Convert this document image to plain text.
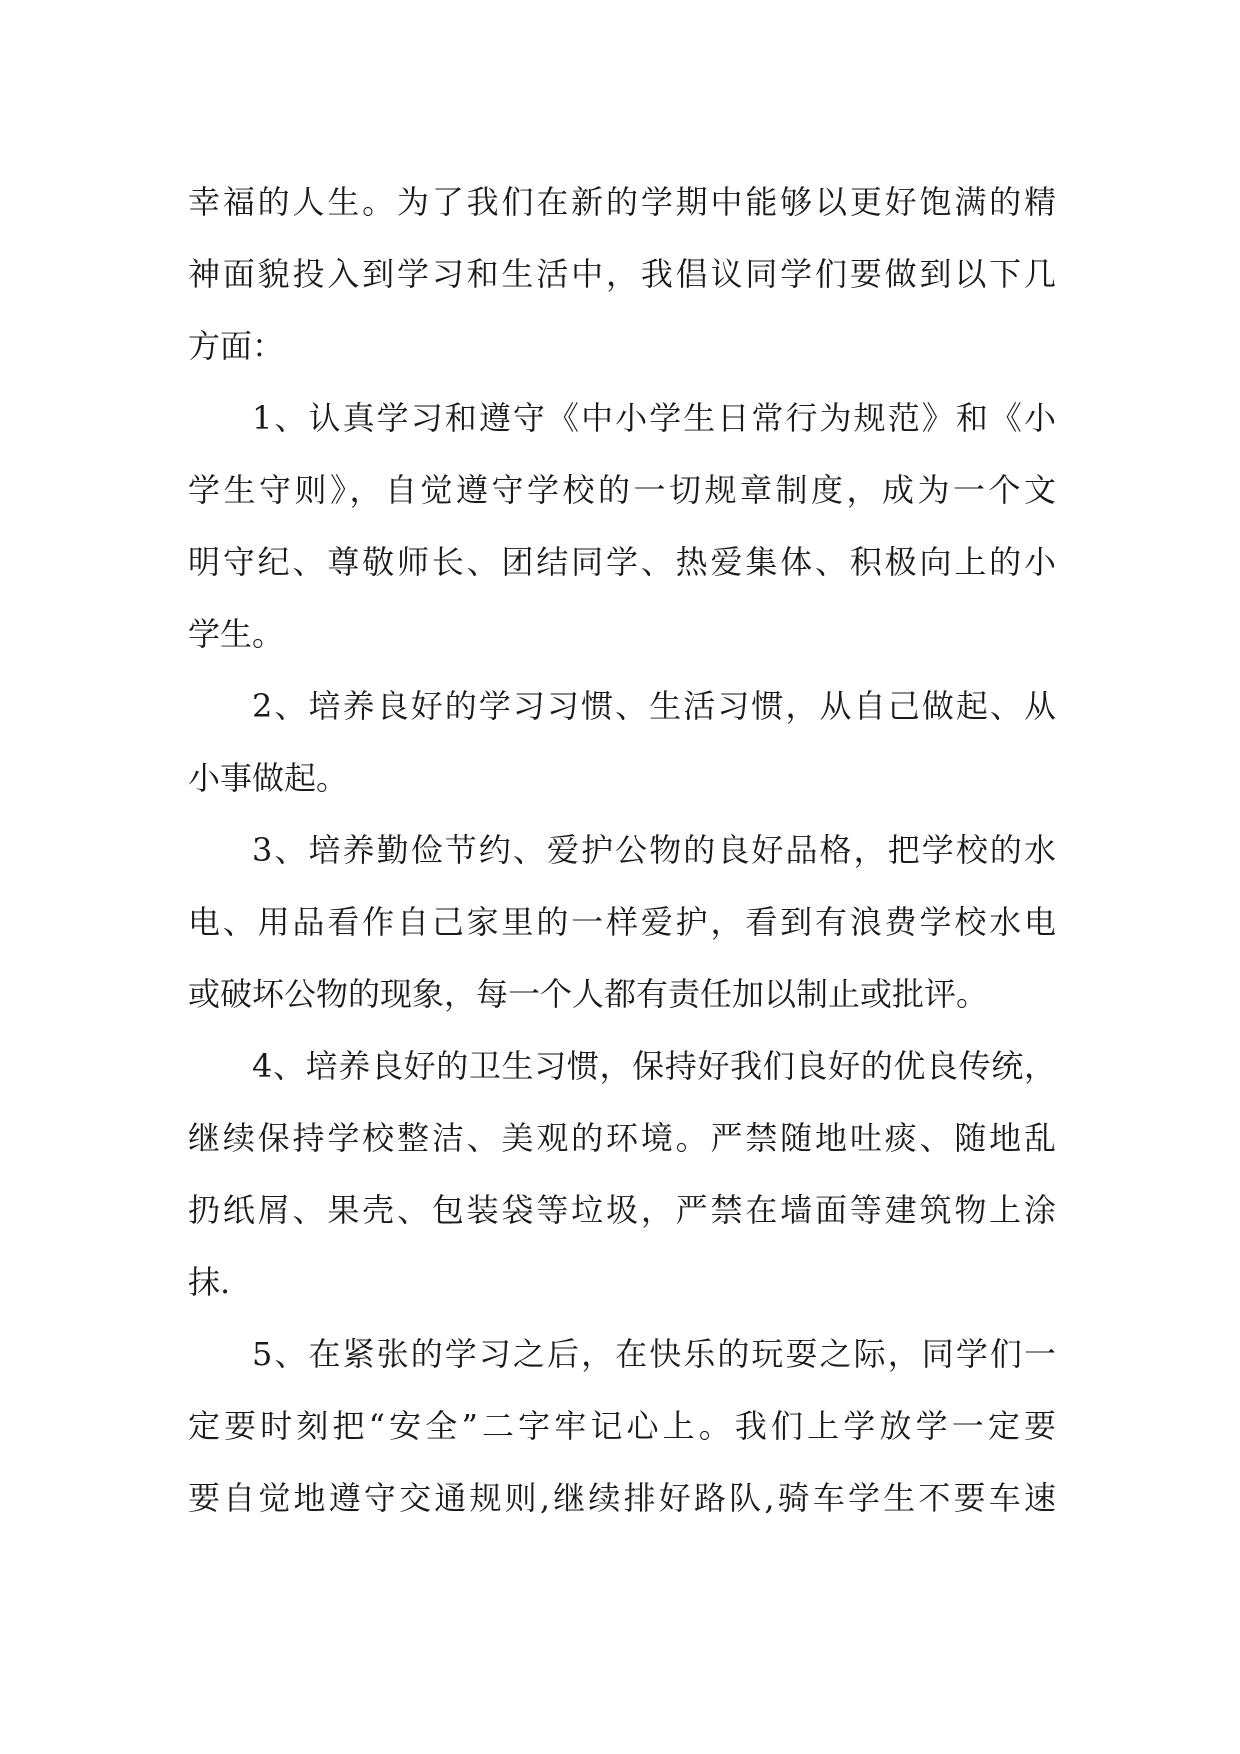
幸福的人生。为了我们在新的学期中能够以更好饱满的精
神面貌投入到学习和生活中，我倡议同学们要做到以下几
方面：
1、认真学习和遵守《中小学生日常行为规范》和《小
学生守则》，自觉遵守学校的一切规章制度，成为一个文
明守纪、尊敬师长、团结同学、热爱集体、积极向上的小
学生。
2、培养良好的学习习惯、生活习惯，从自己做起、从
小事做起。
3、培养勤俭节约、爱护公物的良好品格，把学校的水
电、用品看作自己家里的一样爱护，看到有浪费学校水电
或破坏公物的现象，每一个人都有责任加以制止或批评。
4、培养良好的卫生习惯，保持好我们良好的优良传统，
继续保持学校整洁、美观的环境。严禁随地吐痰、随地乱
扔纸屑、果壳、包装袋等垃圾，严禁在墙面等建筑物上涂
抹.
5、在紧张的学习之后，在快乐的玩耍之际，同学们一
定要时刻把“安全”二字牢记心上。我们上学放学一定要
要自觉地遵守交通规则,继续排好路队,骑车学生不要车速
